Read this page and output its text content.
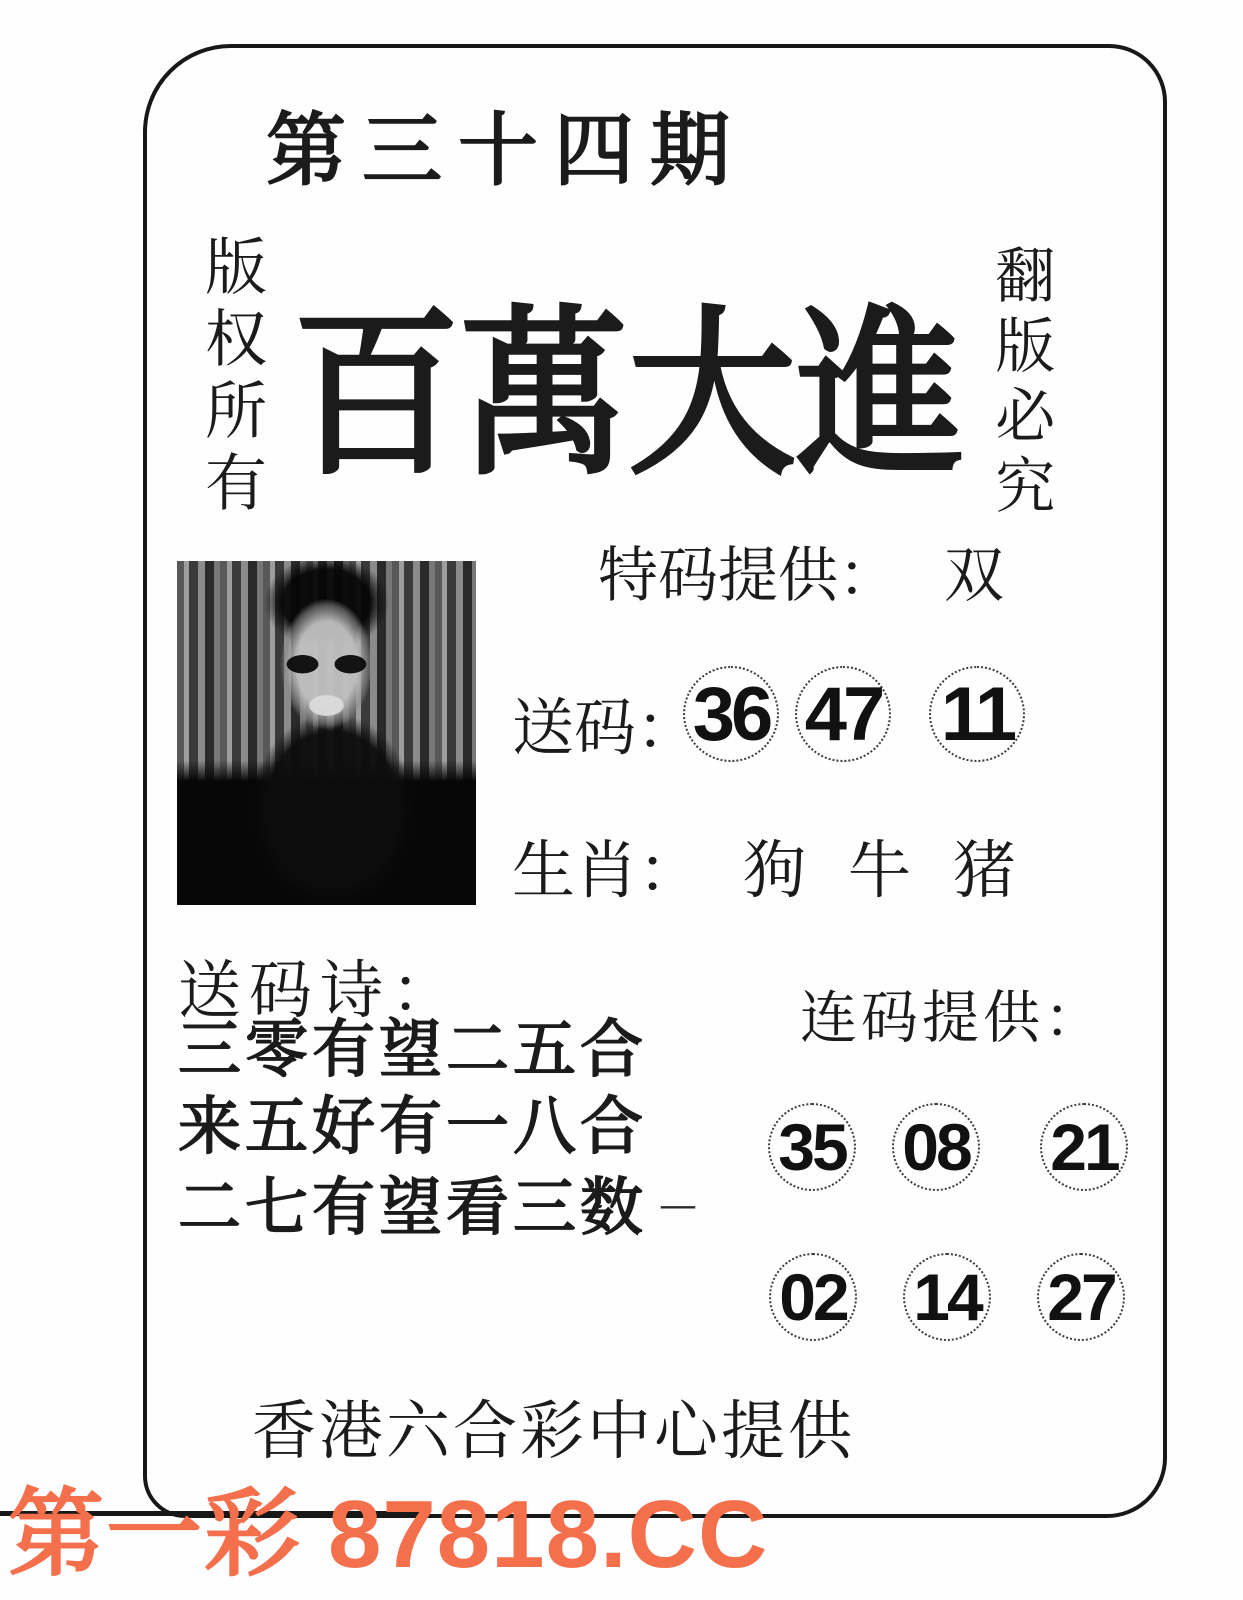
第三十四期
版权所有 百萬大進 翻版必究
特码提供： 双
送码：
36 47 11
生肖： 狗 牛 猪
送码诗：
三零有望二五合
来五好有一八合
二七有望看三数 —
连码提供：
35 08 21
02 14 27
香港六合彩中心提供
第一彩 87818.CC
